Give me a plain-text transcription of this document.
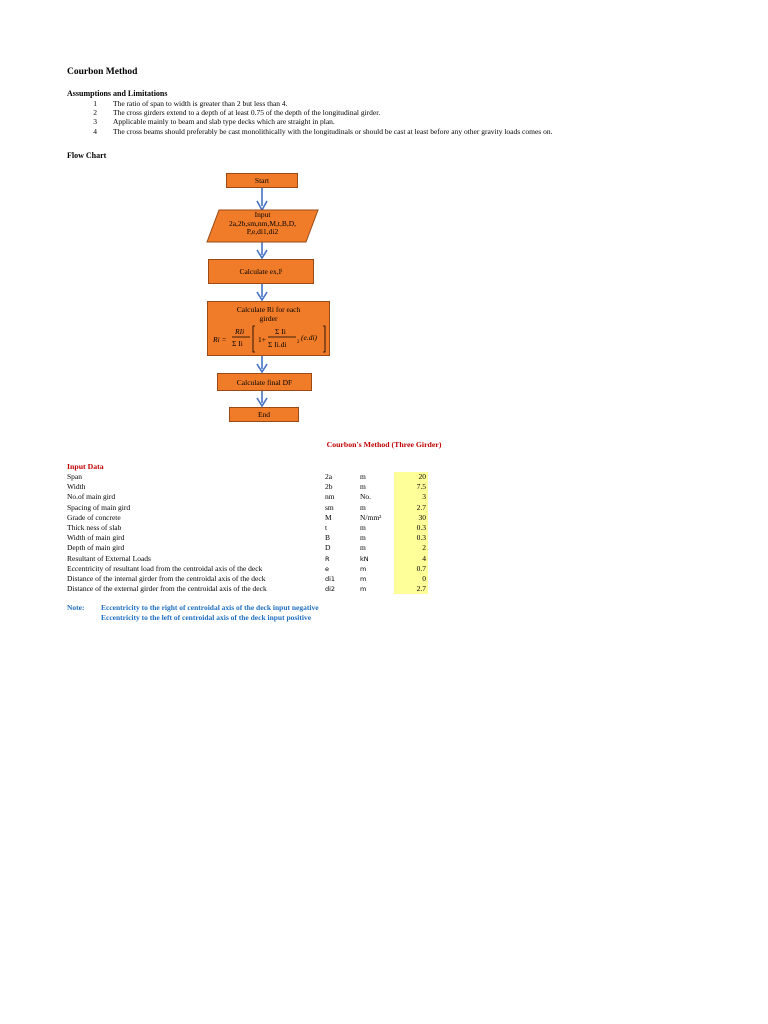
Courbon Method
Assumptions and Limitations
1	The ratio of span to width is greater than 2 but less than 4.
2	The cross girders extend to a depth of at least 0.75 of the depth of the longitudinal girder.
3	Applicable mainly to beam and slab type decks which are straight in plan.
4	The cross beams should preferably be cast monolithically with the longitudinals or should be cast at least before any other gravity loads comes on.
Flow Chart
Start
Input
2a,2b,sm,nm,M,t,B,D,
P,e,di1,di2
Calculate ex,I i
Calculate Ri for each
girder
Ri =
RIi
Σ Ii 1+
Σ Ii
Σ Ii.di 2
(e.di)
Calculate final DF
End
Courbon's Method (Three Girder)
Input Data
Span	2a	m	20
Width	2b	m	7.5
No.of main gird	nm	No.	3
Spacing of main gird	sm	m	2.7
Grade of concrete	M	N/mm²	30
Thick ness of slab	t	m	0.3
Width of main gird	B	m	0.3
Depth of main gird	D	m	2
Resultant of External Loads	R	kN	4
Eccentricity of resultant load from the centroidal axis of the deck	e	m	0.7
Distance of the internal girder from the centroidal axis of the deck	di1	m	0
Distance of the external girder from the centroidal axis of the deck	di2	m	2.7
Note: Eccentricity to the right of centroidal axis of the deck input negative
Eccentricity to the left of centroidal axis of the deck input positive
